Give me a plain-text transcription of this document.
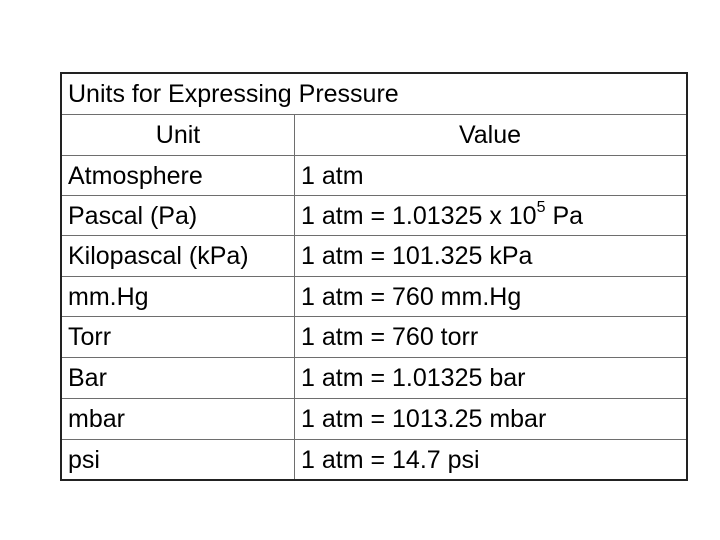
Units for Expressing Pressure
Unit	Value
Atmosphere	1 atm
Pascal (Pa)	1 atm = 1.01325 x $10^5$ Pa
Kilopascal (kPa)	1 atm = 101.325 kPa
mm.Hg	1 atm = 760 mm.Hg
Torr	1 atm = 760 torr
Bar	1 atm = 1.01325 bar
mbar	1 atm = 1013.25 mbar
psi	1 atm = 14.7 psi
